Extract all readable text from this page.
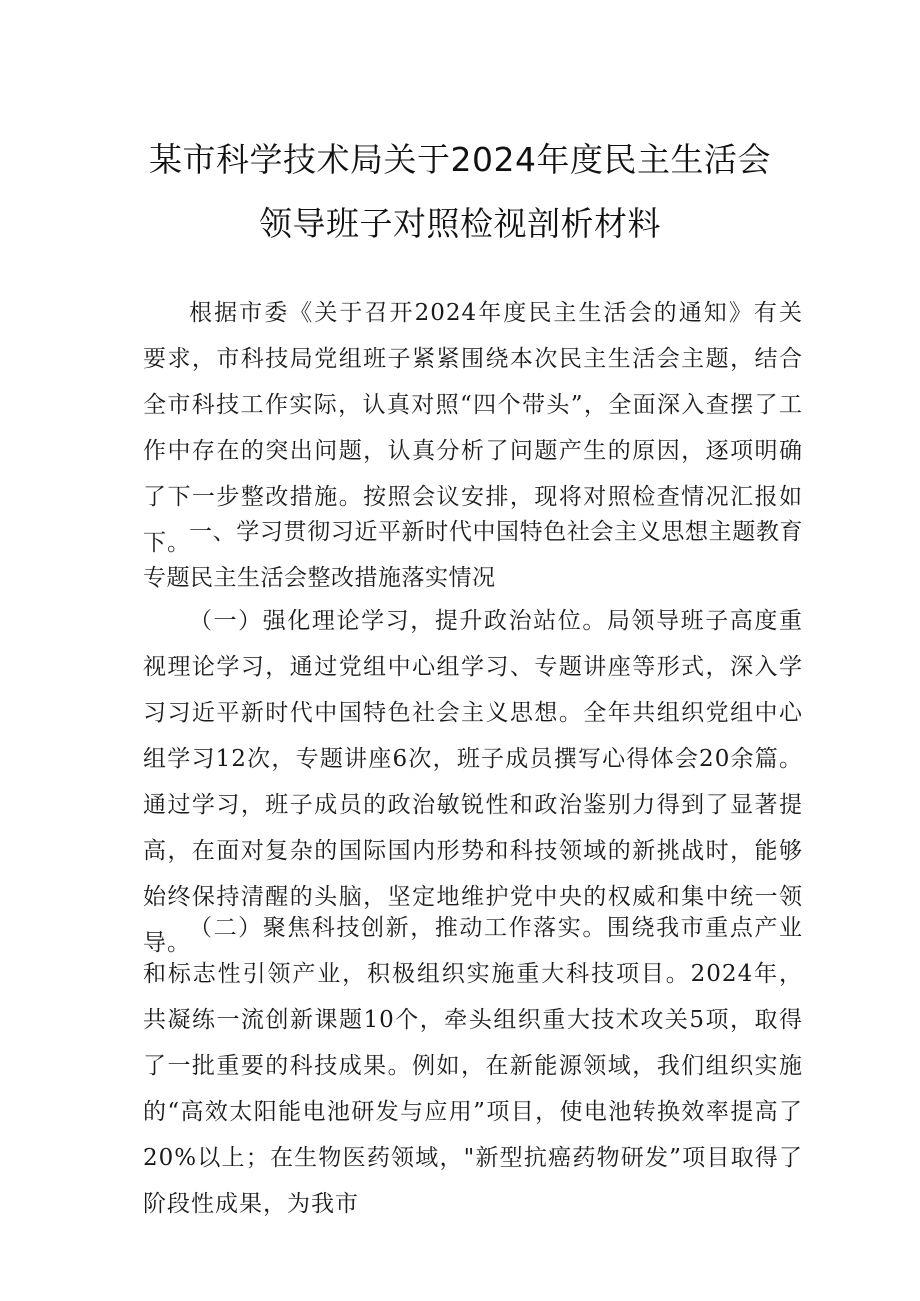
某市科学技术局关于2024年度民主生活会
领导班子对照检视剖析材料
根据市委《关于召开2024年度民主生活会的通知》有关要求，市科技局党组班子紧紧围绕本次民主生活会主题，结合全市科技工作实际，认真对照“四个带头”，全面深入查摆了工作中存在的突出问题，认真分析了问题产生的原因，逐项明确了下一步整改措施。按照会议安排，现将对照检查情况汇报如下。
一、学习贯彻习近平新时代中国特色社会主义思想主题教育专题民主生活会整改措施落实情况
（一）强化理论学习，提升政治站位。局领导班子高度重视理论学习，通过党组中心组学习、专题讲座等形式，深入学习习近平新时代中国特色社会主义思想。全年共组织党组中心组学习12次，专题讲座6次，班子成员撰写心得体会20余篇。通过学习，班子成员的政治敏锐性和政治鉴别力得到了显著提高，在面对复杂的国际国内形势和科技领域的新挑战时，能够始终保持清醒的头脑，坚定地维护党中央的权威和集中统一领导。
（二）聚焦科技创新，推动工作落实。围绕我市重点产业和标志性引领产业，积极组织实施重大科技项目。2024年，共凝练一流创新课题10个，牵头组织重大技术攻关5项，取得了一批重要的科技成果。例如，在新能源领域，我们组织实施的“高效太阳能电池研发与应用”项目，使电池转换效率提高了20%以上；在生物医药领域，"新型抗癌药物研发”项目取得了阶段性成果，为我市
